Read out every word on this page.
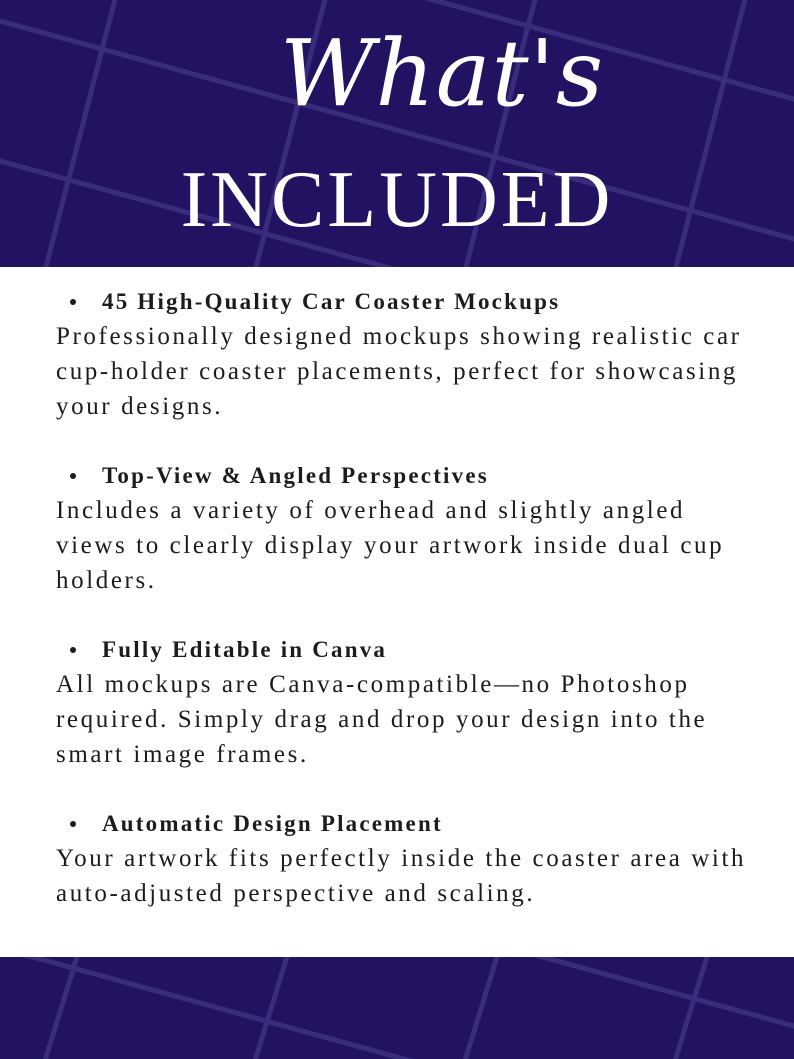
What's
INCLUDED
45 High-Quality Car Coaster Mockups
Professionally designed mockups showing realistic car cup-holder coaster placements, perfect for showcasing your designs.
Top-View & Angled Perspectives
Includes a variety of overhead and slightly angled views to clearly display your artwork inside dual cup holders.
Fully Editable in Canva
All mockups are Canva-compatible—no Photoshop required. Simply drag and drop your design into the smart image frames.
Automatic Design Placement
Your artwork fits perfectly inside the coaster area with auto-adjusted perspective and scaling.
